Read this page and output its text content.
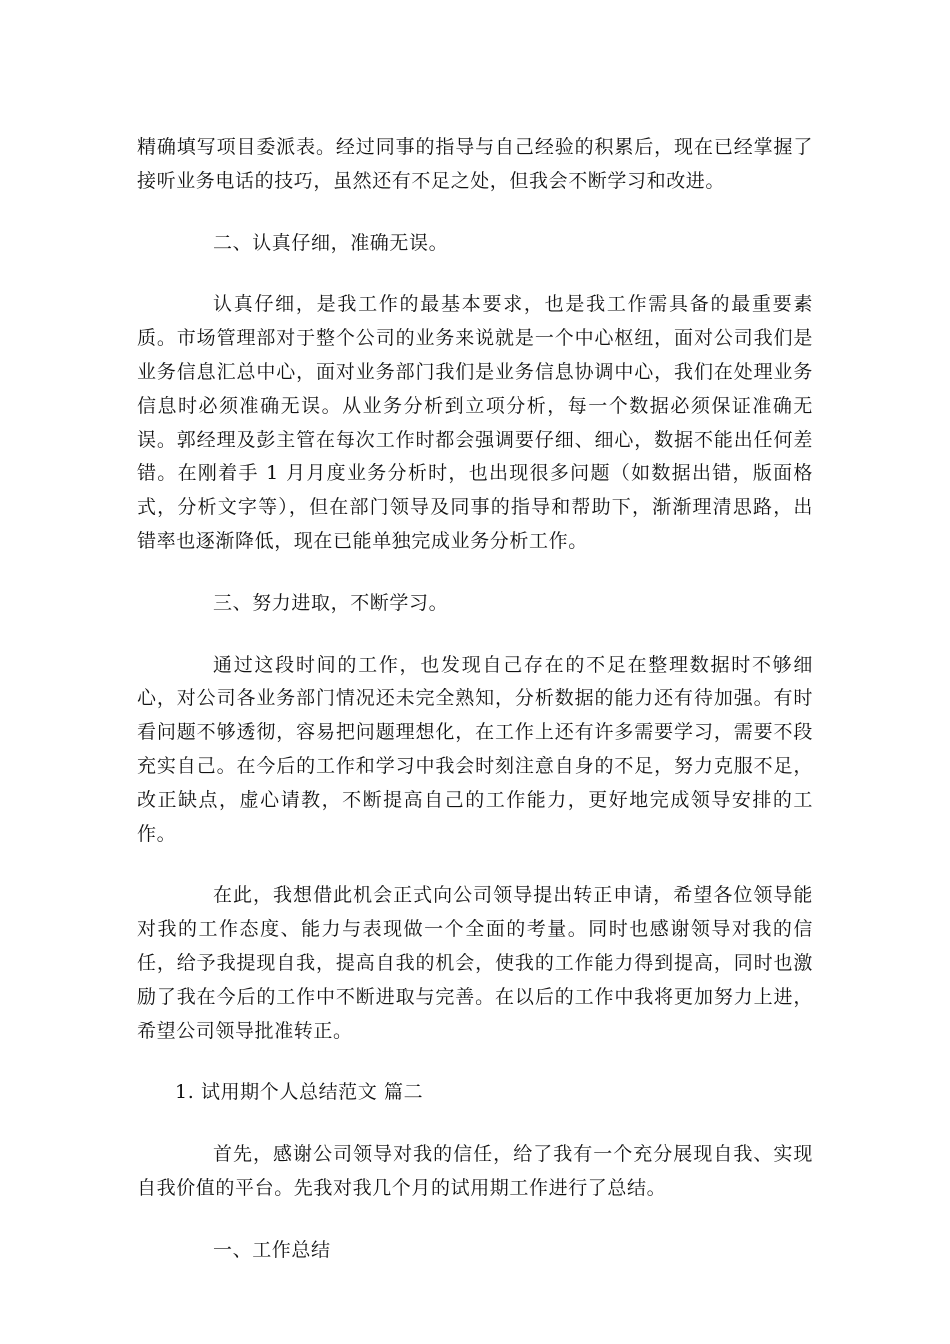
精确填写项目委派表。经过同事的指导与自己经验的积累后，现在已经掌握了接听业务电话的技巧，虽然还有不足之处，但我会不断学习和改进。

二、认真仔细，准确无误。

认真仔细，是我工作的最基本要求，也是我工作需具备的最重要素质。市场管理部对于整个公司的业务来说就是一个中心枢纽，面对公司我们是业务信息汇总中心，面对业务部门我们是业务信息协调中心，我们在处理业务信息时必须准确无误。从业务分析到立项分析，每一个数据必须保证准确无误。郭经理及彭主管在每次工作时都会强调要仔细、细心，数据不能出任何差错。在刚着手 1 月月度业务分析时，也出现很多问题（如数据出错，版面格式，分析文字等），但在部门领导及同事的指导和帮助下，渐渐理清思路，出错率也逐渐降低，现在已能单独完成业务分析工作。

三、努力进取，不断学习。

通过这段时间的工作，也发现自己存在的不足在整理数据时不够细心，对公司各业务部门情况还未完全熟知，分析数据的能力还有待加强。有时看问题不够透彻，容易把问题理想化，在工作上还有许多需要学习，需要不段充实自己。在今后的工作和学习中我会时刻注意自身的不足，努力克服不足，改正缺点，虚心请教，不断提高自己的工作能力，更好地完成领导安排的工作。

在此，我想借此机会正式向公司领导提出转正申请，希望各位领导能对我的工作态度、能力与表现做一个全面的考量。同时也感谢领导对我的信任，给予我提现自我，提高自我的机会，使我的工作能力得到提高，同时也激励了我在今后的工作中不断进取与完善。在以后的工作中我将更加努力上进，希望公司领导批准转正。

1. 试用期个人总结范文 篇二

首先，感谢公司领导对我的信任，给了我有一个充分展现自我、实现自我价值的平台。先我对我几个月的试用期工作进行了总结。

一、工作总结
